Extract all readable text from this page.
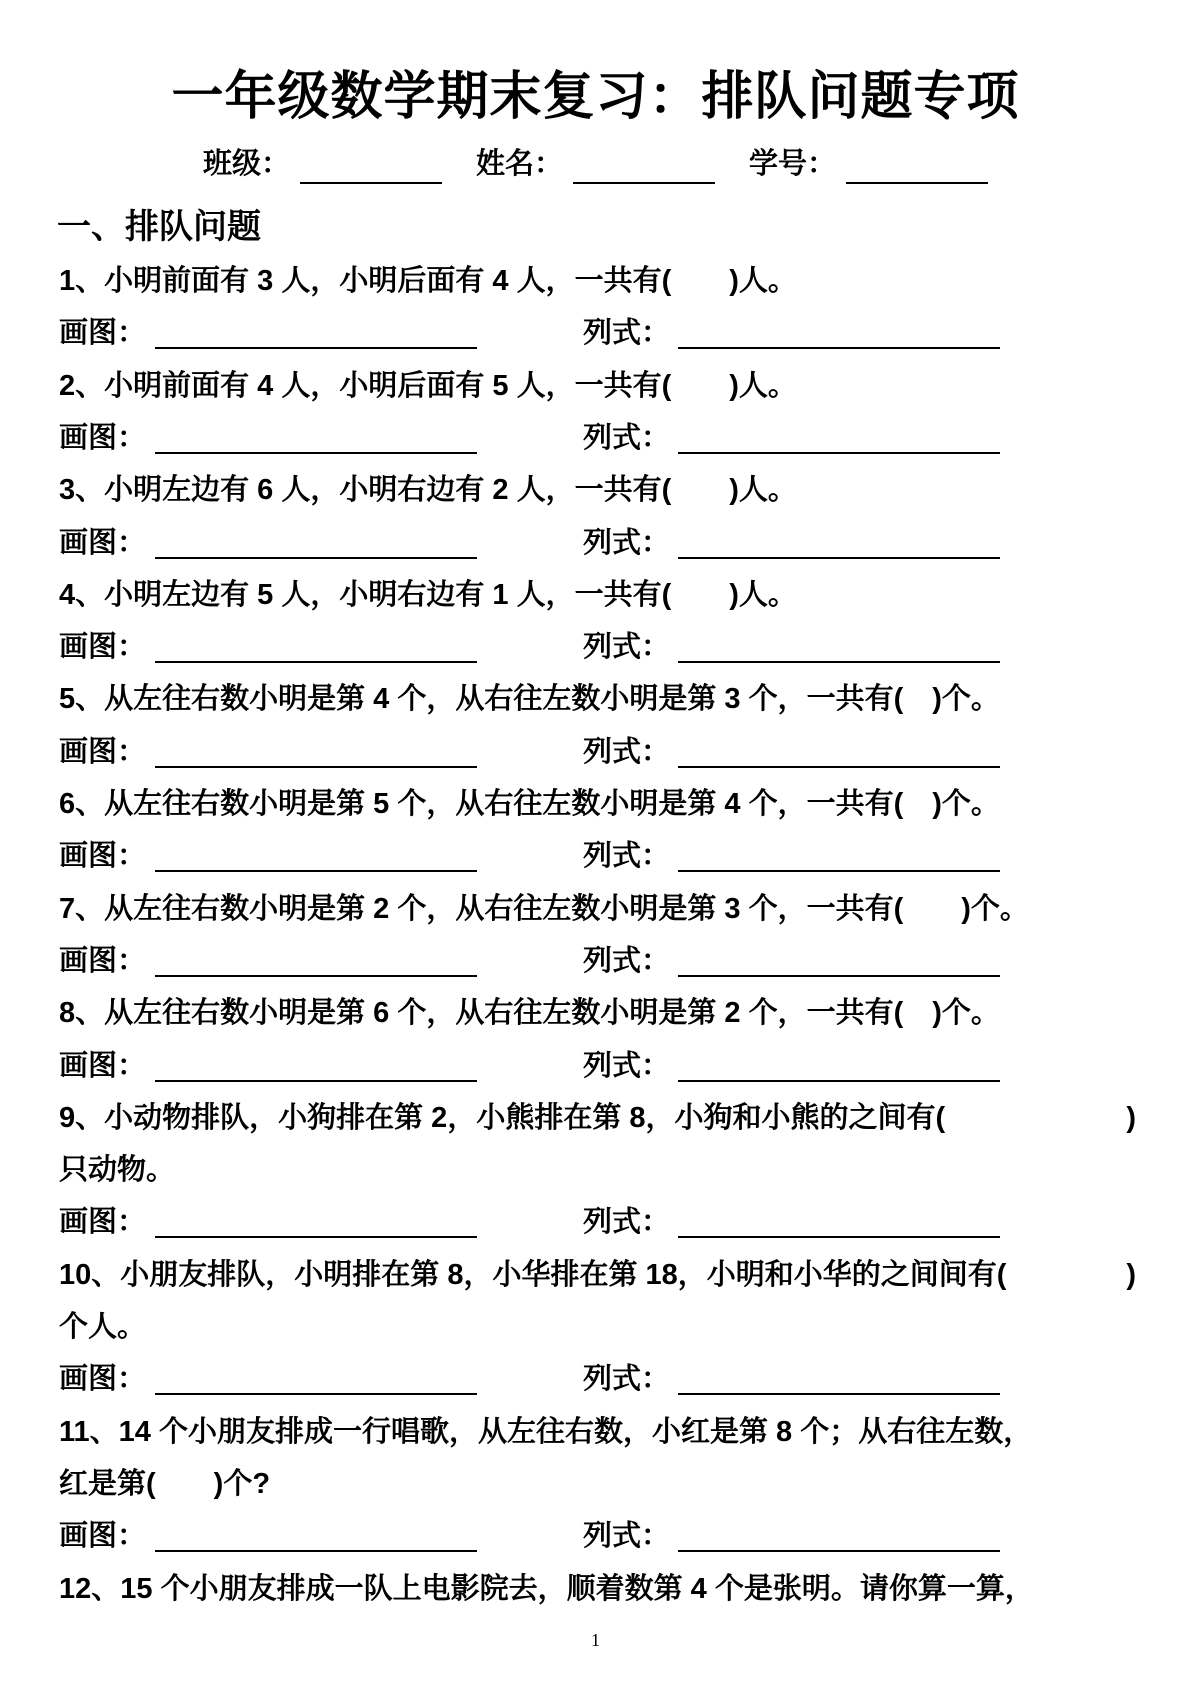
一年级数学期末复习：排队问题专项
班级：	姓名：	学号：
一、排队问题
1、小明前面有 3 人，小明后面有 4 人，一共有(　　)人。
画图：	列式：
2、小明前面有 4 人，小明后面有 5 人，一共有(　　)人。
画图：	列式：
3、小明左边有 6 人，小明右边有 2 人，一共有(　　)人。
画图：	列式：
4、小明左边有 5 人，小明右边有 1 人，一共有(　　)人。
画图：	列式：
5、从左往右数小明是第 4 个，从右往左数小明是第 3 个，一共有(　)个。
画图：	列式：
6、从左往右数小明是第 5 个，从右往左数小明是第 4 个，一共有(　)个。
画图：	列式：
7、从左往右数小明是第 2 个，从右往左数小明是第 3 个，一共有(　　)个。
画图：	列式：
8、从左往右数小明是第 6 个，从右往左数小明是第 2 个，一共有(　)个。
画图：	列式：
9、小动物排队，小狗排在第 2，小熊排在第 8，小狗和小熊的之间有(	)
只动物。
画图：	列式：
10、小朋友排队，小明排在第 8，小华排在第 18，小明和小华的之间间有(	)
个人。
画图：	列式：
11、14 个小朋友排成一行唱歌，从左往右数，小红是第 8 个；从右往左数，
红是第(　　)个?
画图：	列式：
12、15 个小朋友排成一队上电影院去，顺着数第 4 个是张明。请你算一算，
1
